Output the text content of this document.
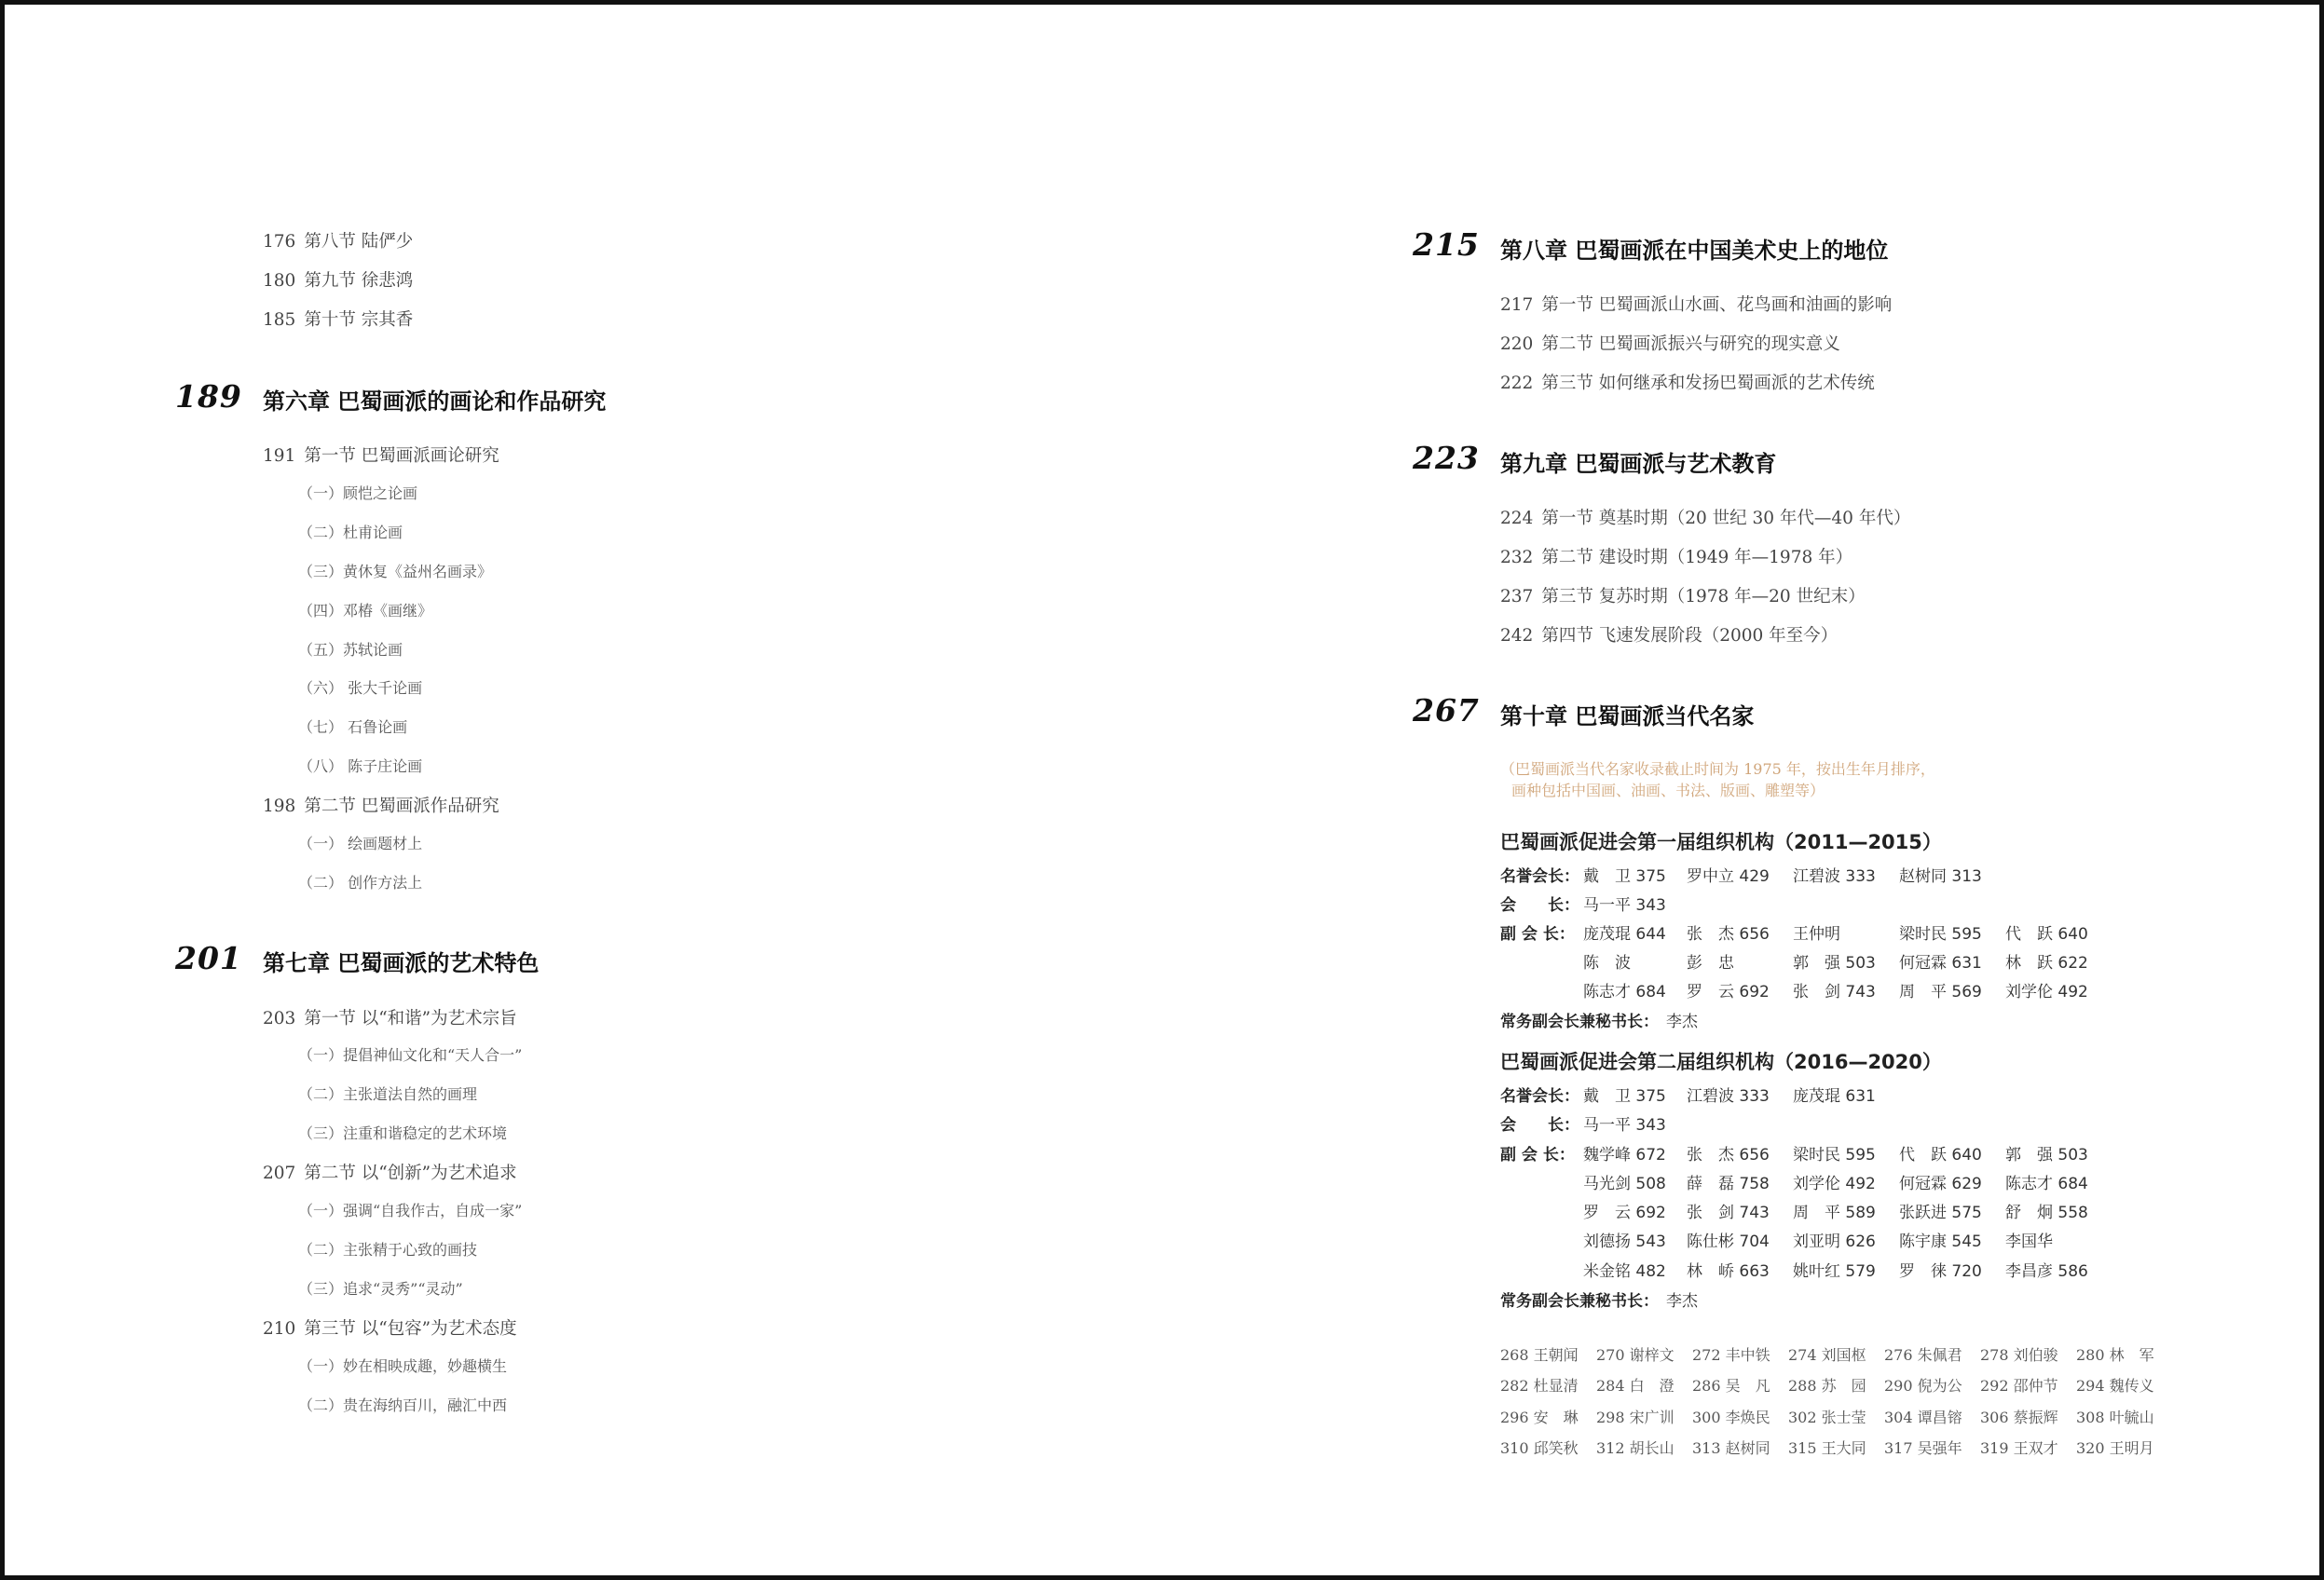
176 第八节 陆俨少
180 第九节 徐悲鸿
185 第十节 宗其香
189 第六章 巴蜀画派的画论和作品研究
191 第一节 巴蜀画派画论研究
（一）顾恺之论画
（二）杜甫论画
（三）黄休复《益州名画录》
（四）邓椿《画继》
（五）苏轼论画
（六） 张大千论画
（七） 石鲁论画
（八） 陈子庄论画
198 第二节 巴蜀画派作品研究
（一） 绘画题材上
（二） 创作方法上
201 第七章 巴蜀画派的艺术特色
203 第一节 以“和谐”为艺术宗旨
（一）提倡神仙文化和“天人合一”
（二）主张道法自然的画理
（三）注重和谐稳定的艺术环境
207 第二节 以“创新”为艺术追求
（一）强调“自我作古，自成一家”
（二）主张精于心致的画技
（三）追求“灵秀”“灵动”
210 第三节 以“包容”为艺术态度
（一）妙在相映成趣，妙趣横生
（二）贵在海纳百川，融汇中西
215 第八章 巴蜀画派在中国美术史上的地位
217 第一节 巴蜀画派山水画、花鸟画和油画的影响
220 第二节 巴蜀画派振兴与研究的现实意义
222 第三节 如何继承和发扬巴蜀画派的艺术传统
223 第九章 巴蜀画派与艺术教育
224 第一节 奠基时期（20 世纪 30 年代—40 年代）
232 第二节 建设时期（1949 年—1978 年）
237 第三节 复苏时期（1978 年—20 世纪末）
242 第四节 飞速发展阶段（2000 年至今）
267 第十章 巴蜀画派当代名家
（巴蜀画派当代名家收录截止时间为 1975 年，按出生年月排序，
画种包括中国画、油画、书法、版画、雕塑等）
巴蜀画派促进会第一届组织机构（2011—2015）
名誉会长： 戴　卫 375 罗中立 429 江碧波 333 赵树同 313
会　　长： 马一平 343
副 会 长： 庞茂琨 644 张　杰 656 王仲明	梁时民 595 代　跃 640
陈　波	彭　忠	郭　强 503 何冠霖 631 林　跃 622
陈志才 684 罗　云 692 张　剑 743 周　平 569 刘学伦 492
常务副会长兼秘书长： 李杰
巴蜀画派促进会第二届组织机构（2016—2020）
名誉会长： 戴　卫 375 江碧波 333 庞茂琨 631
会　　长： 马一平 343
副 会 长： 魏学峰 672 张　杰 656 梁时民 595 代　跃 640 郭　强 503
马光剑 508 薛　磊 758 刘学伦 492 何冠霖 629 陈志才 684
罗　云 692 张　剑 743 周　平 589 张跃进 575 舒　炯 558
刘德扬 543 陈仕彬 704 刘亚明 626 陈宇康 545 李国华
米金铭 482 林　峤 663 姚叶红 579 罗　徕 720 李昌彦 586
常务副会长兼秘书长： 李杰
268 王朝闻 270 谢梓文 272 丰中铁 274 刘国枢 276 朱佩君 278 刘伯骏 280 林　军
282 杜显清 284 白　澄 286 吴　凡 288 苏　园 290 倪为公 292 邵仲节 294 魏传义
296 安　琳 298 宋广训 300 李焕民 302 张士莹 304 谭昌镕 306 蔡振辉 308 叶毓山
310 邱笑秋 312 胡长山 313 赵树同 315 王大同 317 吴强年 319 王双才 320 王明月
